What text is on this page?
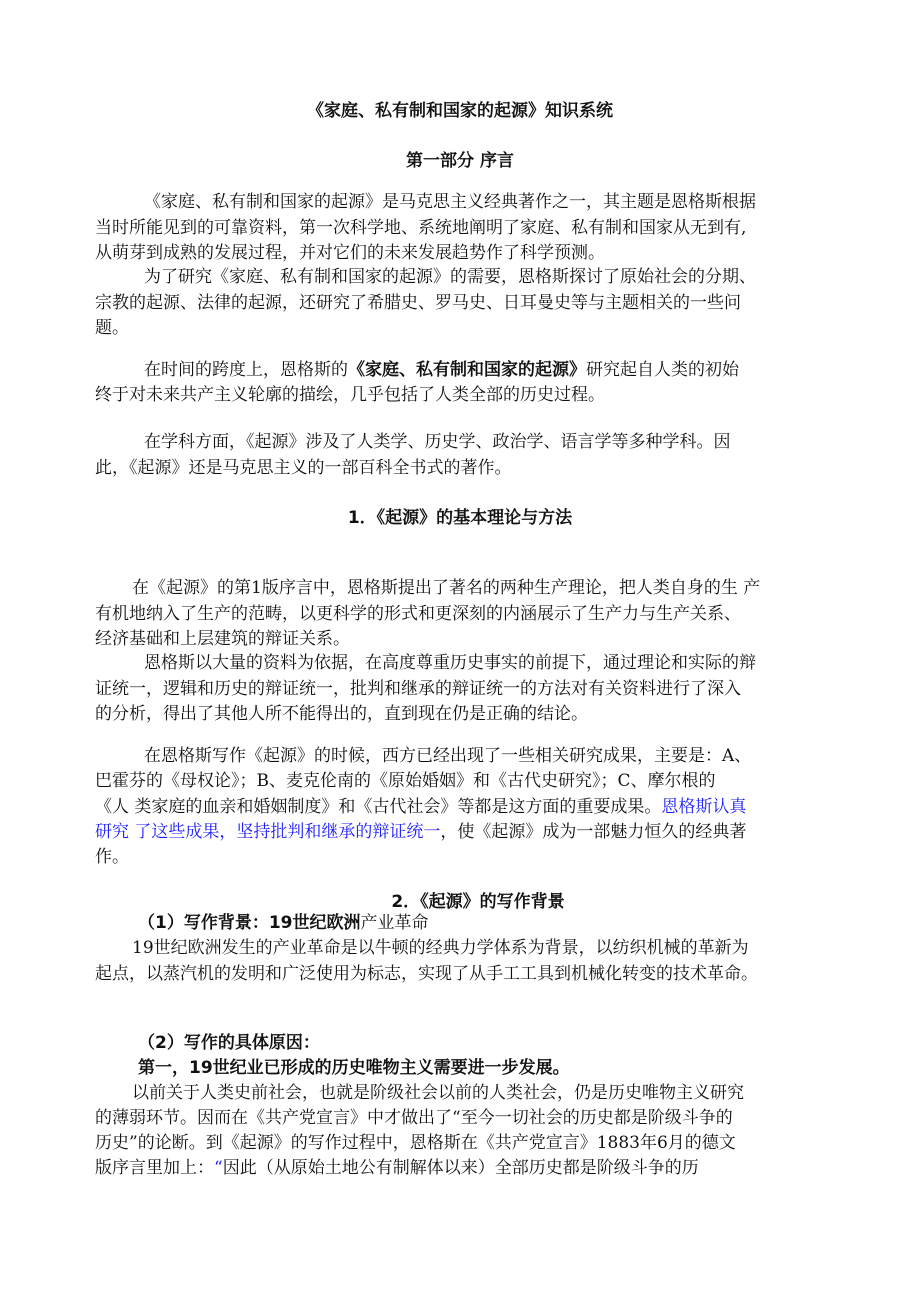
《家庭、私有制和国家的起源》知识系统
第一部分 序言
《家庭、私有制和国家的起源》是马克思主义经典著作之一，其主题是恩格斯根据
当时所能见到的可靠资料，第一次科学地、系统地阐明了家庭、私有制和国家从无到有,
从萌芽到成熟的发展过程，并对它们的未来发展趋势作了科学预测。
为了研究《家庭、私有制和国家的起源》的需要，恩格斯探讨了原始社会的分期、
宗教的起源、法律的起源，还研究了希腊史、罗马史、日耳曼史等与主题相关的一些问
题。
在时间的跨度上，恩格斯的《家庭、私有制和国家的起源》研究起自人类的初始
终于对未来共产主义轮廓的描绘，几乎包括了人类全部的历史过程。
在学科方面，《起源》涉及了人类学、历史学、政治学、语言学等多种学科。因
此，《起源》还是马克思主义的一部百科全书式的著作。
1．《起源》的基本理论与方法
在《起源》的第1版序言中，恩格斯提出了著名的两种生产理论，把人类自身的生 产
有机地纳入了生产的范畴，以更科学的形式和更深刻的内涵展示了生产力与生产关系、
经济基础和上层建筑的辩证关系。
恩格斯以大量的资料为依据，在高度尊重历史事实的前提下，通过理论和实际的辩
证统一，逻辑和历史的辩证统一，批判和继承的辩证统一的方法对有关资料进行了深入
的分析，得出了其他人所不能得出的，直到现在仍是正确的结论。
在恩格斯写作《起源》的时候，西方已经出现了一些相关研究成果，主要是：A、
巴霍芬的《母权论》；B、麦克伦南的《原始婚姻》和《古代史研究》；C、摩尔根的
《人 类家庭的血亲和婚姻制度》和《古代社会》等都是这方面的重要成果。恩格斯认真
研究 了这些成果，坚持批判和继承的辩证统一，使《起源》成为一部魅力恒久的经典著
作。
2．《起源》的写作背景
（1）写作背景：19世纪欧洲产业革命
19世纪欧洲发生的产业革命是以牛顿的经典力学体系为背景，以纺织机械的革新为
起点，以蒸汽机的发明和广泛使用为标志，实现了从手工工具到机械化转变的技术革命。
（2）写作的具体原因：
第一，19世纪业已形成的历史唯物主义需要进一步发展。
以前关于人类史前社会，也就是阶级社会以前的人类社会，仍是历史唯物主义研究
的薄弱环节。因而在《共产党宣言》中才做出了“至今一切社会的历史都是阶级斗争的
历史”的论断。到《起源》的写作过程中，恩格斯在《共产党宣言》1883年6月的德文
版序言里加上：“因此（从原始土地公有制解体以来）全部历史都是阶级斗争的历
